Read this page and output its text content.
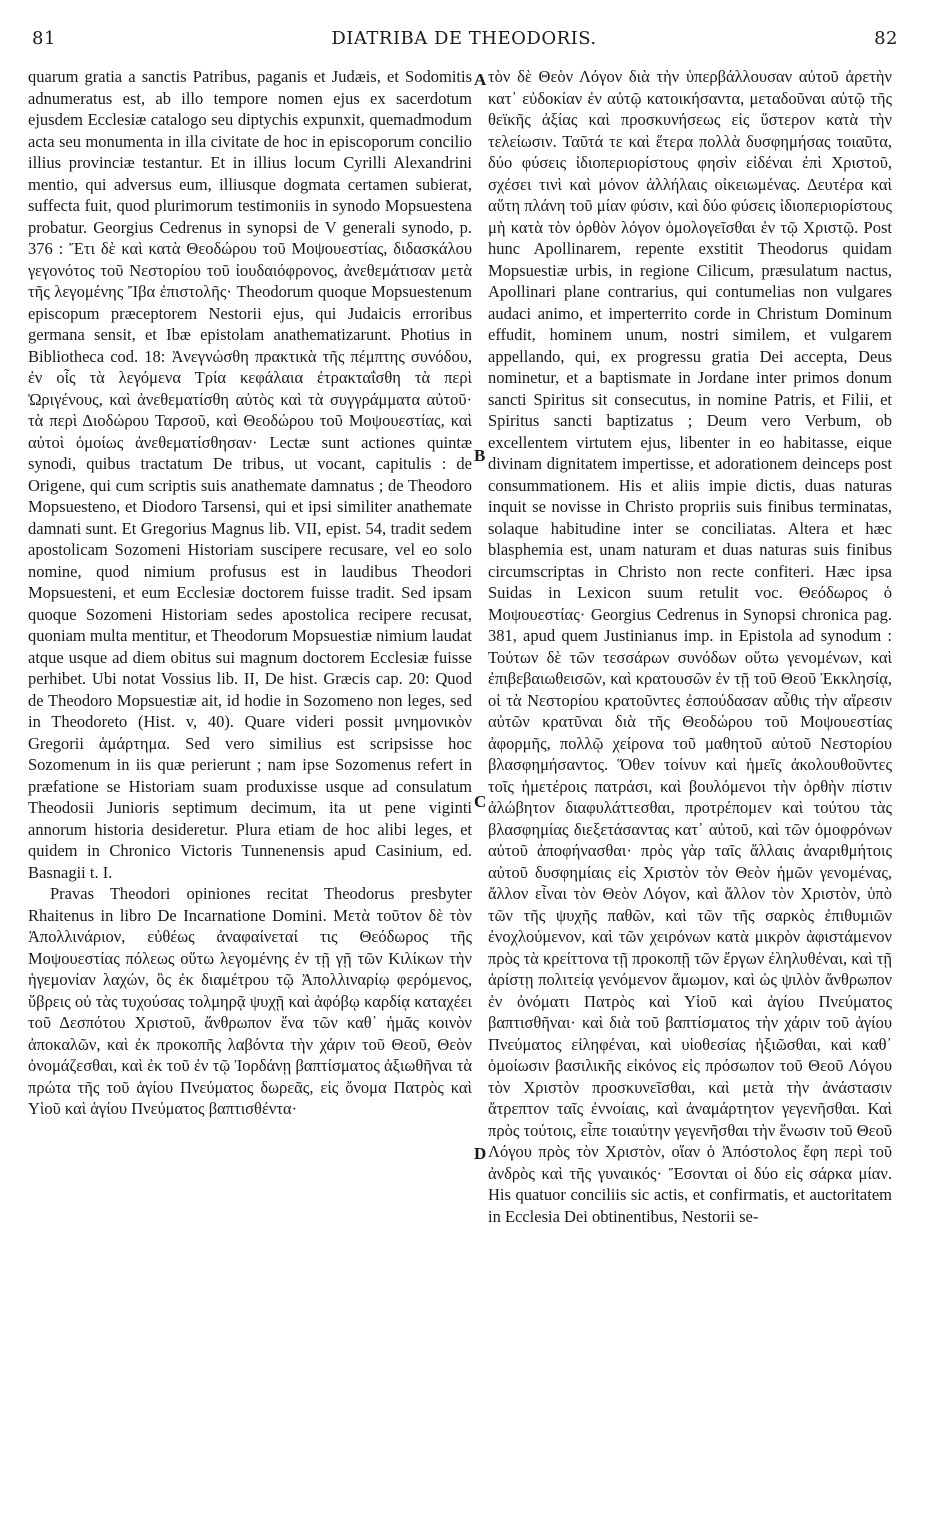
81	DIATRIBA DE THEODORIS.	82

quarum gratia a sanctis Patribus, paganis et Judæis, et Sodomitis adnumeratus est, ab illo tempore nomen ejus ex sacerdotum ejusdem Ecclesiæ catalogo seu diptychis expunxit, quemadmodum acta seu monumenta in illa civitate de hoc in episcoporum concilio illius provinciæ testantur. Et in illius locum Cyrilli Alexandrini mentio, qui adversus eum, illiusque dogmata certamen subierat, suffecta fuit, quod plurimorum testimoniis in synodo Mopsuestena probatur. Georgius Cedrenus in synopsi de V generali synodo, p. 376 : Ἔτι δὲ καὶ κατὰ Θεοδώρου τοῦ Μοψουεστίας, διδασκάλου γεγονότος τοῦ Νεστορίου τοῦ ἰουδαιόφρονος, ἀνεθεμάτισαν μετὰ τῆς λεγομένης Ἴβα ἐπιστολῆς· Theodorum quoque Mopsuestenum episcopum præceptorem Nestorii ejus, qui Judaicis erroribus germana sensit, et Ibæ epistolam anathematizarunt. Photius in Bibliotheca cod. 18: Ἀνεγνώσθη πρακτικὰ τῆς πέμπτης συνόδου, ἐν οἷς τὰ λεγόμενα Τρία κεφάλαια ἐτρακταΐσθη τὰ περὶ Ὠριγένους, καὶ ἀνεθεματίσθη αὐτὸς καὶ τὰ συγγράμματα αὐτοῦ· τὰ περὶ Διοδώρου Ταρσοῦ, καὶ Θεοδώρου τοῦ Μοψουεστίας, καὶ αὐτοὶ ὁμοίως ἀνεθεματίσθησαν· Lectæ sunt actiones quintæ synodi, quibus tractatum De tribus, ut vocant, capitulis : de Origene, qui cum scriptis suis anathemate damnatus ; de Theodoro Mopsuesteno, et Diodoro Tarsensi, qui et ipsi similiter anathemate damnati sunt. Et Gregorius Magnus lib. VII, epist. 54, tradit sedem apostolicam Sozomeni Historiam suscipere recusare, vel eo solo nomine, quod nimium profusus est in laudibus Theodori Mopsuesteni, et eum Ecclesiæ doctorem fuisse tradit. Sed ipsam quoque Sozomeni Historiam sedes apostolica recipere recusat, quoniam multa mentitur, et Theodorum Mopsuestiæ nimium laudat atque usque ad diem obitus sui magnum doctorem Ecclesiæ fuisse perhibet. Ubi notat Vossius lib. II, De hist. Græcis cap. 20: Quod de Theodoro Mopsuestiæ ait, id hodie in Sozomeno non leges, sed in Theodoreto (Hist. v, 40). Quare videri possit μνημονικὸν Gregorii ἁμάρτημα. Sed vero similius est scripsisse hoc Sozomenum in iis quæ perierunt ; nam ipse Sozomenus refert in præfatione se Historiam suam produxisse usque ad consulatum Theodosii Junioris septimum decimum, ita ut pene viginti annorum historia desideretur. Plura etiam de hoc alibi leges, et quidem in Chronico Victoris Tunnenensis apud Casinium, ed. Basnagii t. I.

Pravas Theodori opiniones recitat Theodorus presbyter Rhaitenus in libro De Incarnatione Domini. Μετὰ τοῦτον δὲ τὸν Ἀπολλινάριον, εὐθέως ἀναφαίνεταί τις Θεόδωρος τῆς Μοψουεστίας πόλεως οὕτω λεγομένης ἐν τῇ γῇ τῶν Κιλίκων τὴν ἡγεμονίαν λαχών, ὃς ἐκ διαμέτρου τῷ Ἀπολλιναρίῳ φερόμενος, ὕβρεις οὐ τὰς τυχούσας τολμηρᾷ ψυχῇ καὶ ἀφόβῳ καρδίᾳ καταχέει τοῦ Δεσπότου Χριστοῦ, ἄνθρωπον ἕνα τῶν καθ᾽ ἡμᾶς κοινὸν ἀποκαλῶν, καὶ ἐκ προκοπῆς λαβόντα τὴν χάριν τοῦ Θεοῦ, Θεὸν ὀνομάζεσθαι, καὶ ἐκ τοῦ ἐν τῷ Ἰορδάνῃ βαπτίσματος ἀξιωθῆναι τὰ πρώτα τῆς τοῦ ἁγίου Πνεύματος δωρεᾶς, εἰς ὄνομα Πατρὸς καὶ Υἱοῦ καὶ ἁγίου Πνεύματος βαπτισθέντα·

τὸν δὲ Θεὸν Λόγον διὰ τὴν ὑπερβάλλουσαν αὐτοῦ ἀρετὴν κατ᾽ εὐδοκίαν ἐν αὐτῷ κατοικήσαντα, μεταδοῦναι αὐτῷ τῆς θεϊκῆς ἀξίας καὶ προσκυνήσεως εἰς ὕστερον κατὰ τὴν τελείωσιν. Ταῦτά τε καὶ ἕτερα πολλὰ δυσφημήσας τοιαῦτα, δύο φύσεις ἰδιοπεριορίστους φησὶν εἰδέναι ἐπὶ Χριστοῦ, σχέσει τινὶ καὶ μόνον ἀλλήλαις οἰκειωμένας. Δευτέρα καὶ αὕτη πλάνη τοῦ μίαν φύσιν, καὶ δύο φύσεις ἰδιοπεριορίστους μὴ κατὰ τὸν ὀρθὸν λόγον ὁμολογεῖσθαι ἐν τῷ Χριστῷ. Post hunc Apollinarem, repente exstitit Theodorus quidam Mopsuestiæ urbis, in regione Cilicum, præsulatum nactus, Apollinari plane contrarius, qui contumelias non vulgares audaci animo, et imperterrito corde in Christum Dominum effudit, hominem unum, nostri similem, et vulgarem appellando, qui, ex progressu gratia Dei accepta, Deus nominetur, et a baptismate in Jordane inter primos donum sancti Spiritus sit consecutus, in nomine Patris, et Filii, et Spiritus sancti baptizatus ; Deum vero Verbum, ob excellentem virtutem ejus, libenter in eo habitasse, eique divinam dignitatem impertisse, et adorationem deinceps post consummationem. His et aliis impie dictis, duas naturas inquit se novisse in Christo propriis suis finibus terminatas, solaque habitudine inter se conciliatas. Altera et hæc blasphemia est, unam naturam et duas naturas suis finibus circumscriptas in Christo non recte confiteri. Hæc ipsa Suidas in Lexicon suum retulit voc. Θεόδωρος ὁ Μοψουεστίας· Georgius Cedrenus in Synopsi chronica pag. 381, apud quem Justinianus imp. in Epistola ad synodum : Τούτων δὲ τῶν τεσσάρων συνόδων οὕτω γενομένων, καὶ ἐπιβεβαιωθεισῶν, καὶ κρατουσῶν ἐν τῇ τοῦ Θεοῦ Ἐκκλησίᾳ, οἱ τὰ Νεστορίου κρατοῦντες ἐσπούδασαν αὖθις τὴν αἵρεσιν αὐτῶν κρατῦναι διὰ τῆς Θεοδώρου τοῦ Μοψουεστίας ἀφορμῆς, πολλῷ χείρονα τοῦ μαθητοῦ αὐτοῦ Νεστορίου βλασφημήσαντος. Ὅθεν τοίνυν καὶ ἡμεῖς ἀκολουθοῦντες τοῖς ἡμετέροις πατράσι, καὶ βουλόμενοι τὴν ὀρθὴν πίστιν ἀλώβητον διαφυλάττεσθαι, προτρέπομεν καὶ τούτου τὰς βλασφημίας διεξετάσαντας κατ᾽ αὐτοῦ, καὶ τῶν ὁμοφρόνων αὐτοῦ ἀποφήνασθαι· πρὸς γὰρ ταῖς ἄλλαις ἀναριθμήτοις αὐτοῦ δυσφημίαις εἰς Χριστὸν τὸν Θεὸν ἡμῶν γενομένας, ἄλλον εἶναι τὸν Θεὸν Λόγον, καὶ ἄλλον τὸν Χριστὸν, ὑπὸ τῶν τῆς ψυχῆς παθῶν, καὶ τῶν τῆς σαρκὸς ἐπιθυμιῶν ἐνοχλούμενον, καὶ τῶν χειρόνων κατὰ μικρὸν ἀφιστάμενον πρὸς τὰ κρείττονα τῇ προκοπῇ τῶν ἔργων ἐληλυθέναι, καὶ τῇ ἀρίστῃ πολιτείᾳ γενόμενον ἄμωμον, καὶ ὡς ψιλὸν ἄνθρωπον ἐν ὀνόματι Πατρὸς καὶ Υἱοῦ καὶ ἁγίου Πνεύματος βαπτισθῆναι· καὶ διὰ τοῦ βαπτίσματος τὴν χάριν τοῦ ἁγίου Πνεύματος εἰληφέναι, καὶ υἱοθεσίας ἠξιῶσθαι, καὶ καθ᾽ ὁμοίωσιν βασιλικῆς εἰκόνος εἰς πρόσωπον τοῦ Θεοῦ Λόγου τὸν Χριστὸν προσκυνεῖσθαι, καὶ μετὰ τὴν ἀνάστασιν ἄτρεπτον ταῖς ἐννοίαις, καὶ ἀναμάρτητον γεγενῆσθαι. Καὶ πρὸς τούτοις, εἶπε τοιαύτην γεγενῆσθαι τὴν ἕνωσιν τοῦ Θεοῦ Λόγου πρὸς τὸν Χριστὸν, οἵαν ὁ Ἀπόστολος ἔφη περὶ τοῦ ἀνδρὸς καὶ τῆς γυναικός· Ἔσονται οἱ δύο εἰς σάρκα μίαν. His quatuor conciliis sic actis, et confirmatis, et auctoritatem in Ecclesia Dei obtinentibus, Nestorii se-

A
B
C
D
